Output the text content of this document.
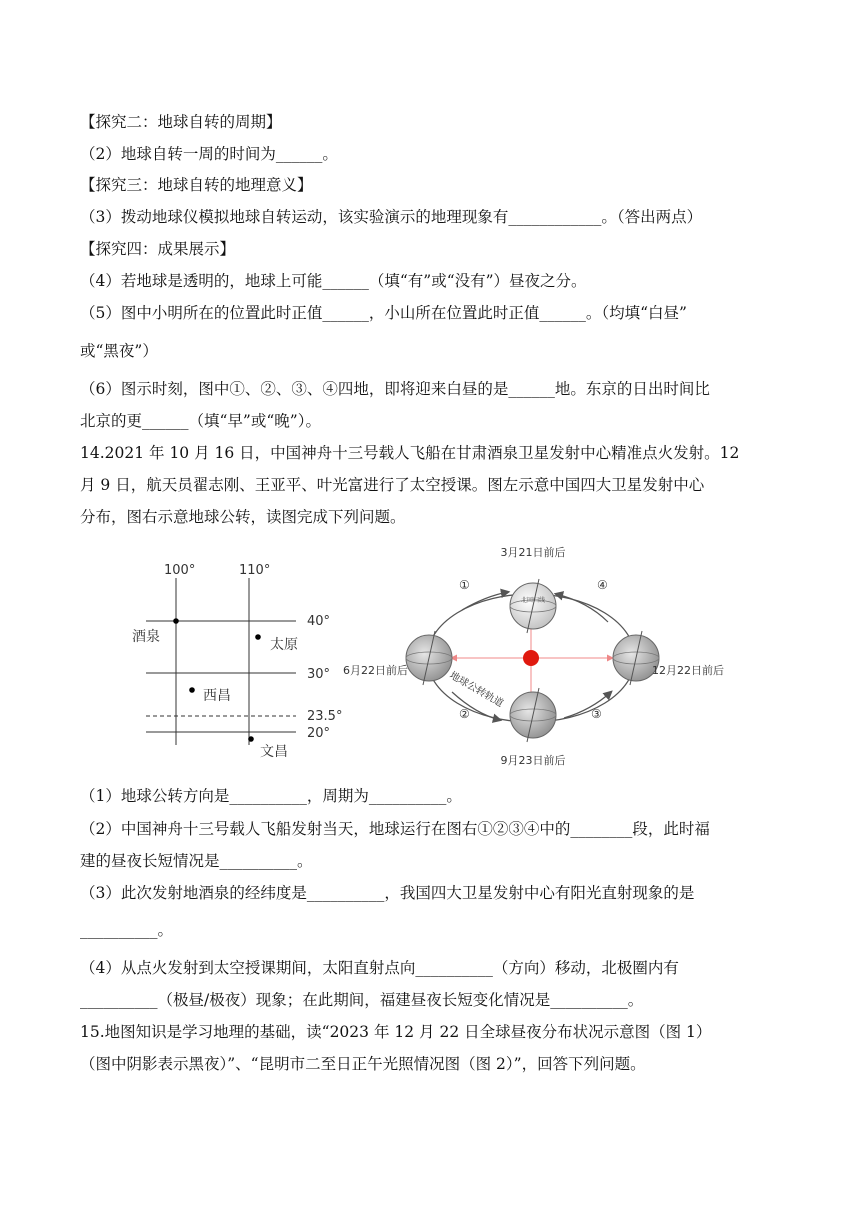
【探究二：地球自转的周期】
（2）地球自转一周的时间为______。
【探究三：地球自转的地理意义】
（3）拨动地球仪模拟地球自转运动，该实验演示的地理现象有____________。（答出两点）
【探究四：成果展示】
（4）若地球是透明的，地球上可能______（填“有”或“没有”）昼夜之分。
（5）图中小明所在的位置此时正值______，小山所在位置此时正值______。（均填“白昼”
或“黑夜”）
（6）图示时刻，图中①、②、③、④四地，即将迎来白昼的是______地。东京的日出时间比
北京的更______（填“早”或“晚”）。
14.2021 年 10 月 16 日，中国神舟十三号载人飞船在甘肃酒泉卫星发射中心精准点火发射。12
月 9 日，航天员翟志刚、王亚平、叶光富进行了太空授课。图左示意中国四大卫星发射中心
分布，图右示意地球公转，读图完成下列问题。
（1）地球公转方向是__________，周期为__________。
（2）中国神舟十三号载人飞船发射当天，地球运行在图右①②③④中的________段，此时福
建的昼夜长短情况是__________。
（3）此次发射地酒泉的经纬度是__________，我国四大卫星发射中心有阳光直射现象的是
__________。
（4）从点火发射到太空授课期间，太阳直射点向__________（方向）移动，北极圈内有
__________（极昼/极夜）现象；在此期间，福建昼夜长短变化情况是__________。
15.地图知识是学习地理的基础，读“2023 年 12 月 22 日全球昼夜分布状况示意图（图 1）
（图中阴影表示黑夜）”、“昆明市二至日正午光照情况图（图 2）”，回答下列问题。
100°	110°
40°
30°
23.5°
20°
酒泉	太原
西昌
文昌
北回归线
3月21日前后
6月22日前后	12月22日前后
9月23日前后
①
②	③
④
地球公转轨道
